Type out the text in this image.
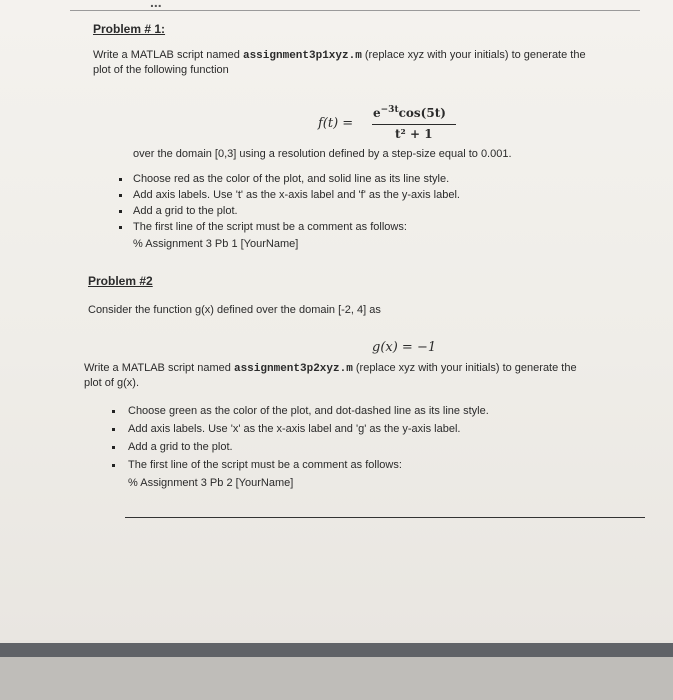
...
Problem # 1:
Write a MATLAB script named assignment3p1xyz.m (replace xyz with your initials) to generate the
plot of the following function
f(t) =
$e^{-3t}\cos(5t)$
t² + 1
over the domain [0,3] using a resolution defined by a step-size equal to 0.001.
Choose red as the color of the plot, and solid line as its line style.
Add axis labels. Use 't' as the x-axis label and 'f' as the y-axis label.
Add a grid to the plot.
The first line of the script must be a comment as follows:
% Assignment 3 Pb 1 [YourName]
Problem #2
Consider the function g(x) defined over the domain [-2, 4] as
g(x) = −1
Write a MATLAB script named assignment3p2xyz.m (replace xyz with your initials) to generate the
plot of g(x).
Choose green as the color of the plot, and dot-dashed line as its line style.
Add axis labels. Use 'x' as the x-axis label and 'g' as the y-axis label.
Add a grid to the plot.
The first line of the script must be a comment as follows:
% Assignment 3 Pb 2 [YourName]
